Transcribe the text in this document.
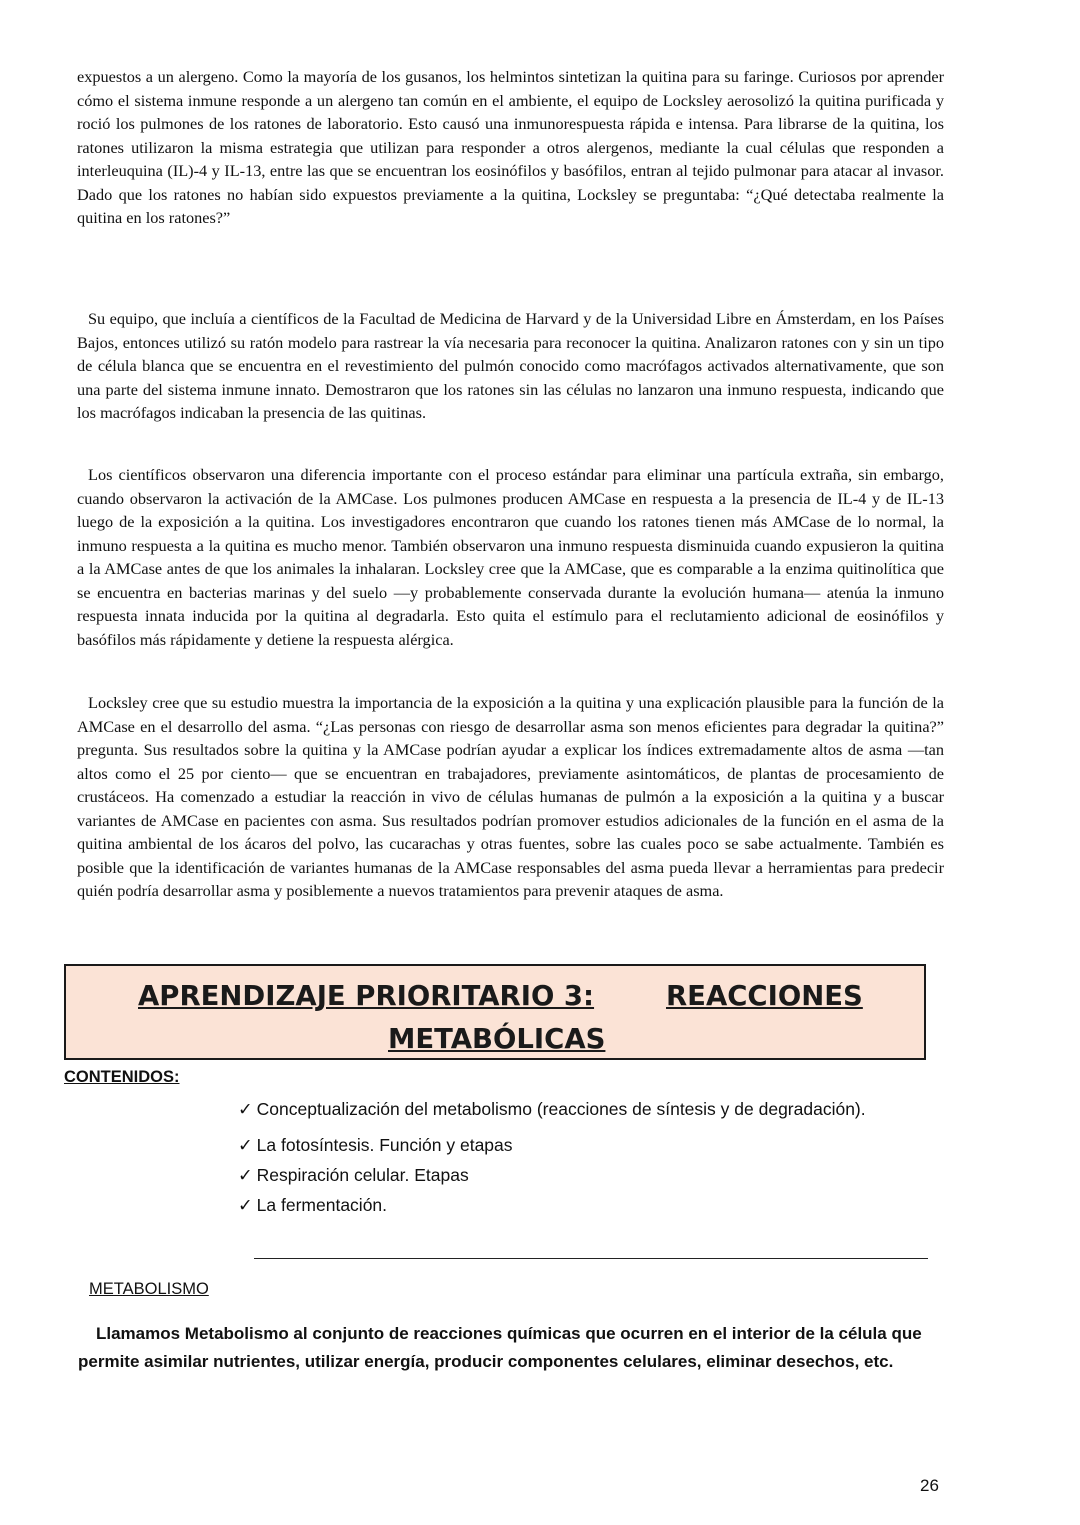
expuestos a un alergeno. Como la mayoría de los gusanos, los helmintos sintetizan la quitina para su faringe. Curiosos por aprender cómo el sistema inmune responde a un alergeno tan común en el ambiente, el equipo de Locksley aerosolizó la quitina purificada y roció los pulmones de los ratones de laboratorio. Esto causó una inmunorespuesta rápida e intensa. Para librarse de la quitina, los ratones utilizaron la misma estrategia que utilizan para responder a otros alergenos, mediante la cual células que responden a interleuquina (IL)-4 y IL-13, entre las que se encuentran los eosinófilos y basófilos, entran al tejido pulmonar para atacar al invasor. Dado que los ratones no habían sido expuestos previamente a la quitina, Locksley se preguntaba: “¿Qué detectaba realmente la quitina en los ratones?”

Su equipo, que incluía a científicos de la Facultad de Medicina de Harvard y de la Universidad Libre en Ámsterdam, en los Países Bajos, entonces utilizó su ratón modelo para rastrear la vía necesaria para reconocer la quitina. Analizaron ratones con y sin un tipo de célula blanca que se encuentra en el revestimiento del pulmón conocido como macrófagos activados alternativamente, que son una parte del sistema inmune innato. Demostraron que los ratones sin las células no lanzaron una inmuno respuesta, indicando que los macrófagos indicaban la presencia de las quitinas.

Los científicos observaron una diferencia importante con el proceso estándar para eliminar una partícula extraña, sin embargo, cuando observaron la activación de la AMCase. Los pulmones producen AMCase en respuesta a la presencia de IL-4 y de IL-13 luego de la exposición a la quitina. Los investigadores encontraron que cuando los ratones tienen más AMCase de lo normal, la inmuno respuesta a la quitina es mucho menor. También observaron una inmuno respuesta disminuida cuando expusieron la quitina a la AMCase antes de que los animales la inhalaran. Locksley cree que la AMCase, que es comparable a la enzima quitinolítica que se encuentra en bacterias marinas y del suelo —y probablemente conservada durante la evolución humana— atenúa la inmuno respuesta innata inducida por la quitina al degradarla. Esto quita el estímulo para el reclutamiento adicional de eosinófilos y basófilos más rápidamente y detiene la respuesta alérgica.

Locksley cree que su estudio muestra la importancia de la exposición a la quitina y una explicación plausible para la función de la AMCase en el desarrollo del asma. “¿Las personas con riesgo de desarrollar asma son menos eficientes para degradar la quitina?” pregunta. Sus resultados sobre la quitina y la AMCase podrían ayudar a explicar los índices extremadamente altos de asma —tan altos como el 25 por ciento— que se encuentran en trabajadores, previamente asintomáticos, de plantas de procesamiento de crustáceos. Ha comenzado a estudiar la reacción in vivo de células humanas de pulmón a la exposición a la quitina y a buscar variantes de AMCase en pacientes con asma. Sus resultados podrían promover estudios adicionales de la función en el asma de la quitina ambiental de los ácaros del polvo, las cucarachas y otras fuentes, sobre las cuales poco se sabe actualmente. También es posible que la identificación de variantes humanas de la AMCase responsables del asma pueda llevar a herramientas para predecir quién podría desarrollar asma y posiblemente a nuevos tratamientos para prevenir ataques de asma.

APRENDIZAJE PRIORITARIO 3:	REACCIONES
METABÓLICAS
CONTENIDOS:
✓ Conceptualización del metabolismo (reacciones de síntesis y de degradación).
✓ La fotosíntesis. Función y etapas
✓ Respiración celular. Etapas
✓ La fermentación.
METABOLISMO

Llamamos Metabolismo al conjunto de reacciones químicas que ocurren en el interior de la célula que permite asimilar nutrientes, utilizar energía, producir componentes celulares, eliminar desechos, etc.

26
